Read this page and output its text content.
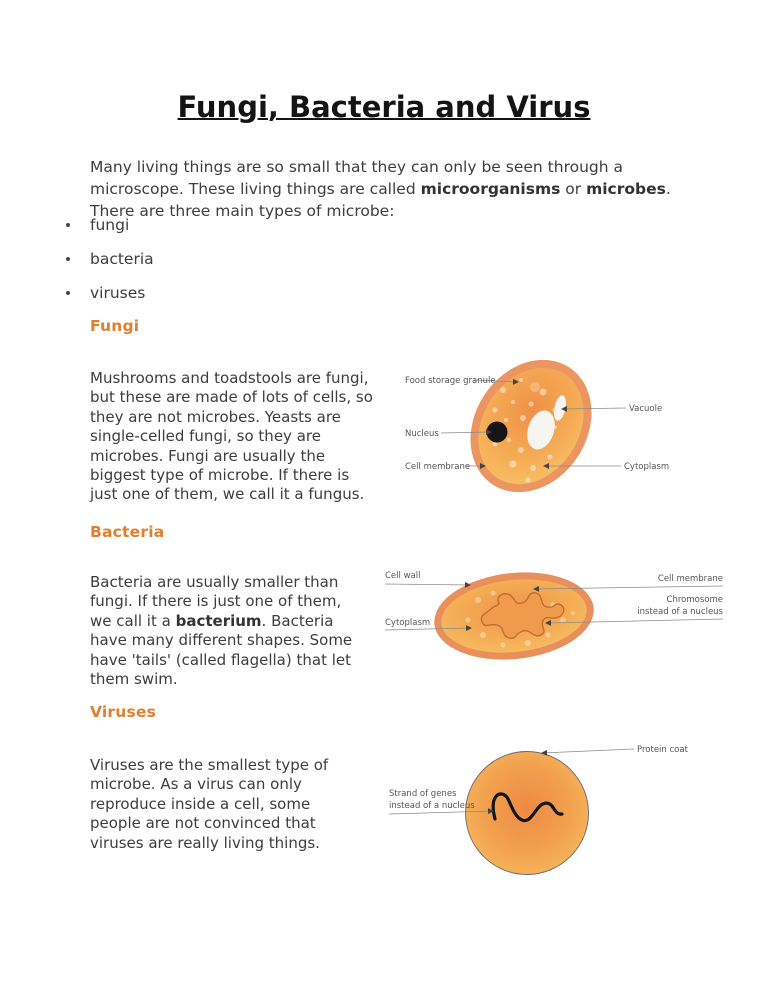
Fungi, Bacteria and Virus
Many living things are so small that they can only be seen through a
microscope. These living things are called microorganisms or microbes.
There are three main types of microbe:
fungi
bacteria
viruses
Fungi
Mushrooms and toadstools are fungi,
but these are made of lots of cells, so
they are not microbes. Yeasts are
single-celled fungi, so they are
microbes. Fungi are usually the
biggest type of microbe. If there is
just one of them, we call it a fungus.
Food storage granule
Vacuole
Nucleus
Cell membrane	Cytoplasm
Bacteria
Bacteria are usually smaller than
fungi. If there is just one of them,
we call it a bacterium. Bacteria
have many different shapes. Some
have 'tails' (called flagella) that let
them swim.
Cell wall	Cell membrane
Chromosome
instead of a nucleus
Cytoplasm
Viruses
Viruses are the smallest type of
microbe. As a virus can only
reproduce inside a cell, some
people are not convinced that
viruses are really living things.
Protein coat
Strand of genes
instead of a nucleus
